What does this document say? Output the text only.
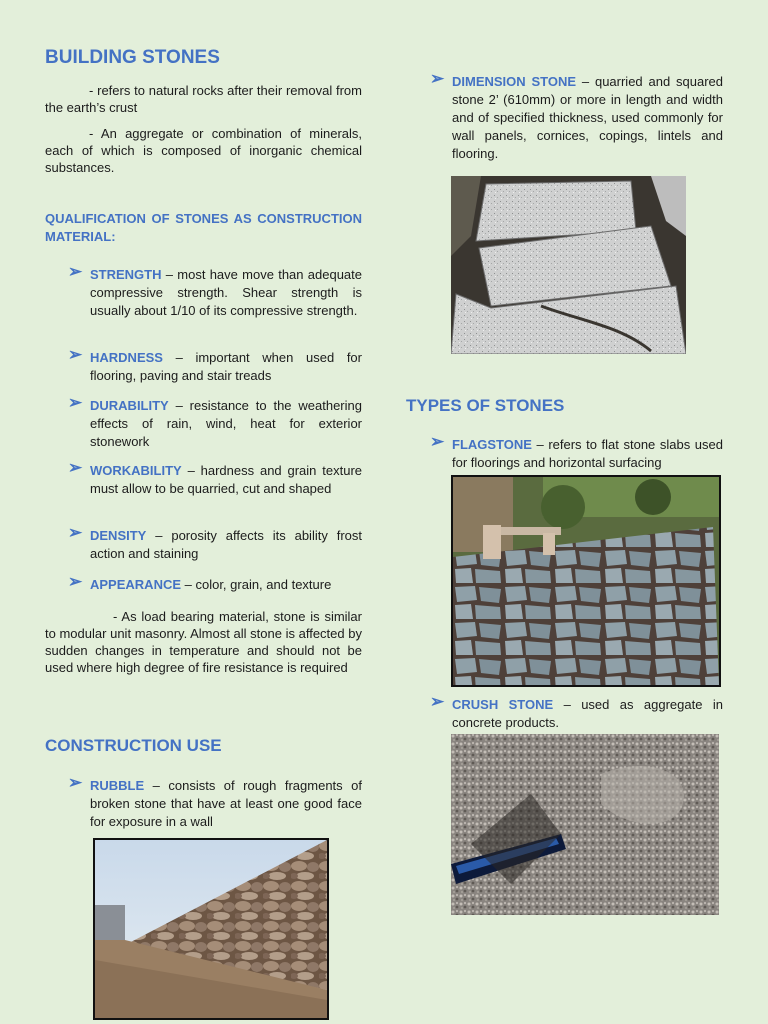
BUILDING STONES
- refers to natural rocks after their removal from the earth’s crust
- An aggregate or combination of minerals, each of which is composed of inorganic chemical substances.
QUALIFICATION OF STONES AS CONSTRUCTION MATERIAL:
➢ STRENGTH – most have move than adequate compressive strength. Shear strength is usually about 1/10 of its compressive strength.
➢ HARDNESS – important when used for flooring, paving and stair treads
➢ DURABILITY – resistance to the weathering effects of rain, wind, heat for exterior stonework
➢ WORKABILITY – hardness and grain texture must allow to be quarried, cut and shaped
➢ DENSITY – porosity affects its ability frost action and staining
➢ APPEARANCE – color, grain, and texture
- As load bearing material, stone is similar to modular unit masonry. Almost all stone is affected by sudden changes in temperature and should not be used where high degree of fire resistance is required
CONSTRUCTION USE
➢ RUBBLE – consists of rough fragments of broken stone that have at least one good face for exposure in a wall
➢ DIMENSION STONE – quarried and squared stone 2’ (610mm) or more in length and width and of specified thickness, used commonly for wall panels, cornices, copings, lintels and flooring.
TYPES OF STONES
➢ FLAGSTONE – refers to flat stone slabs used for floorings and horizontal surfacing
➢ CRUSH STONE – used as aggregate in concrete products.
